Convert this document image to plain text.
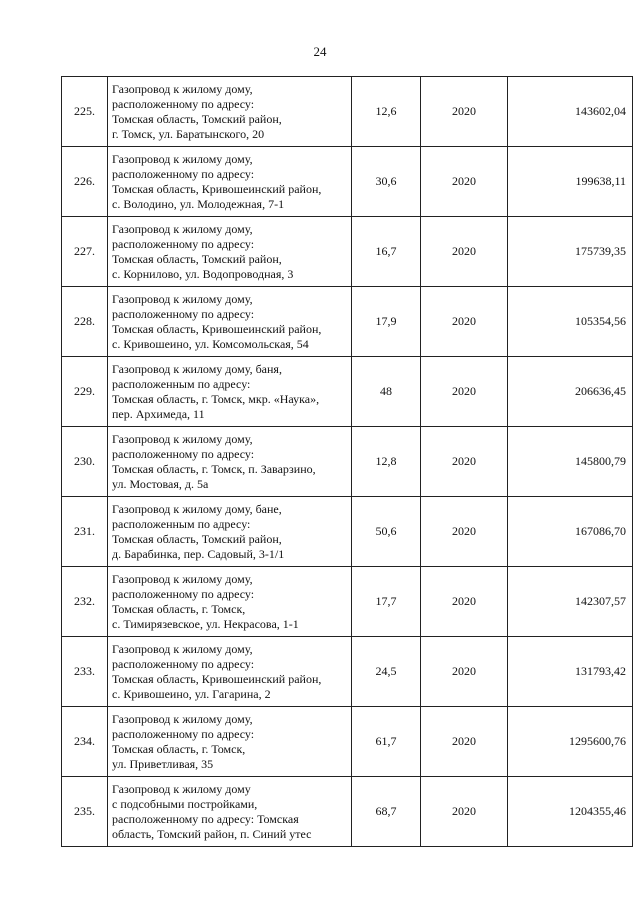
24
225.	Газопровод к жилому дому,
расположенному по адресу:
Томская область, Томский район,
г. Томск, ул. Баратынского, 20	12,6	2020	143602,04
226.	Газопровод к жилому дому,
расположенному по адресу:
Томская область, Кривошеинский район,
с. Володино, ул. Молодежная, 7-1	30,6	2020	199638,11
227.	Газопровод к жилому дому,
расположенному по адресу:
Томская область, Томский район,
с. Корнилово, ул. Водопроводная, 3	16,7	2020	175739,35
228.	Газопровод к жилому дому,
расположенному по адресу:
Томская область, Кривошеинский район,
с. Кривошеино, ул. Комсомольская, 54	17,9	2020	105354,56
229.	Газопровод к жилому дому, баня,
расположенным по адресу:
Томская область, г. Томск, мкр. «Наука»,
пер. Архимеда, 11	48	2020	206636,45
230.	Газопровод к жилому дому,
расположенному по адресу:
Томская область, г. Томск, п. Заварзино,
ул. Мостовая, д. 5а	12,8	2020	145800,79
231.	Газопровод к жилому дому, бане,
расположенным по адресу:
Томская область, Томский район,
д. Барабинка, пер. Садовый, 3-1/1	50,6	2020	167086,70
232.	Газопровод к жилому дому,
расположенному по адресу:
Томская область, г. Томск,
с. Тимирязевское, ул. Некрасова, 1-1	17,7	2020	142307,57
233.	Газопровод к жилому дому,
расположенному по адресу:
Томская область, Кривошеинский район,
с. Кривошеино, ул. Гагарина, 2	24,5	2020	131793,42
234.	Газопровод к жилому дому,
расположенному по адресу:
Томская область, г. Томск,
ул. Приветливая, 35	61,7	2020	1295600,76
235.	Газопровод к жилому дому
с подсобными постройками,
расположенному по адресу: Томская
область, Томский район, п. Синий утес	68,7	2020	1204355,46
